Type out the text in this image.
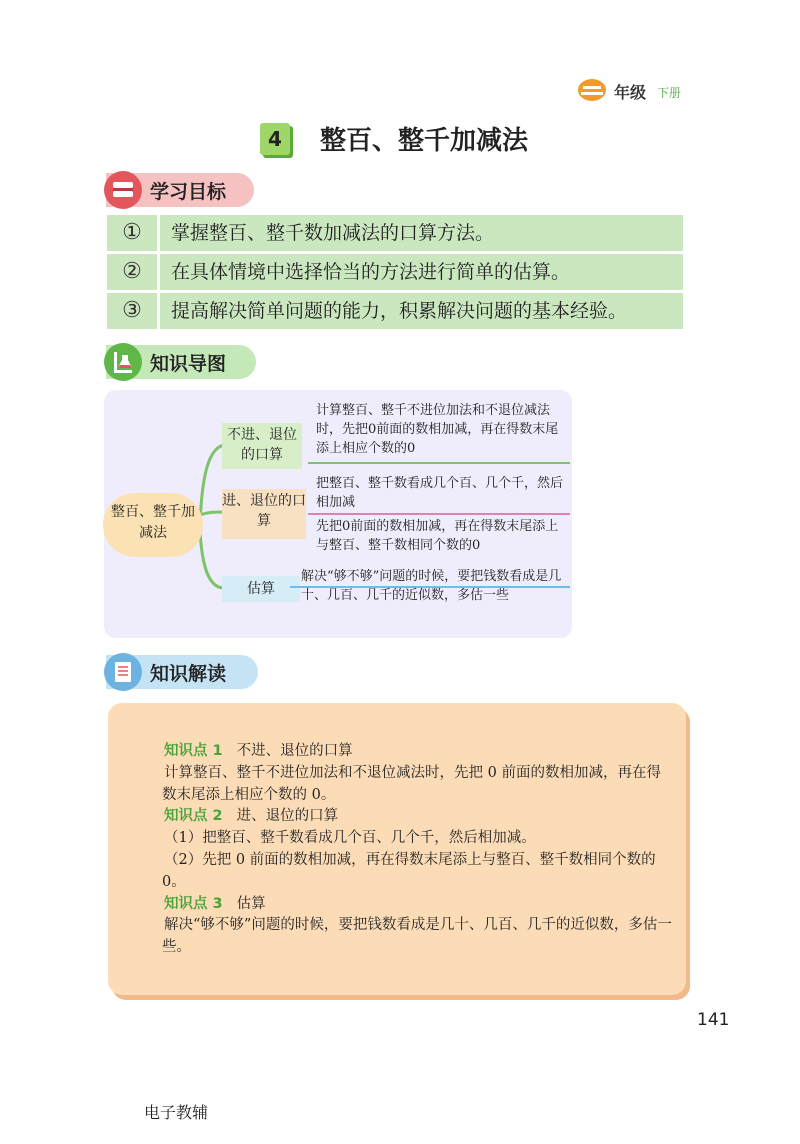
年级 下册
4	整百、整千加减法
学习目标
①	掌握整百、整千数加减法的口算方法。
②	在具体情境中选择恰当的方法进行简单的估算。
③	提高解决简单问题的能力，积累解决问题的基本经验。
知识导图
整百、整千加减法
不进、退位的口算
进、退位的口算
估算
计算整百、整千不进位加法和不退位减法时，先把0前面的数相加减，再在得数末尾添上相应个数的0
把整百、整千数看成几个百、几个千，然后相加减
先把0前面的数相加减，再在得数末尾添上与整百、整千数相同个数的0
解决“够不够”问题的时候，要把钱数看成是几十、几百、几千的近似数，多估一些
知识解读

知识点 1 不进、退位的口算

计算整百、整千不进位加法和不退位减法时，先把 0 前面的数相加减，再在得数末尾添上相应个数的 0。

知识点 2 进、退位的口算

（1）把整百、整千数看成几个百、几个千，然后相加减。

（2）先把 0 前面的数相加减，再在得数末尾添上与整百、整千数相同个数的 0。

知识点 3 估算

解决“够不够”问题的时候，要把钱数看成是几十、几百、几千的近似数，多估一些。

141
电子教辅
